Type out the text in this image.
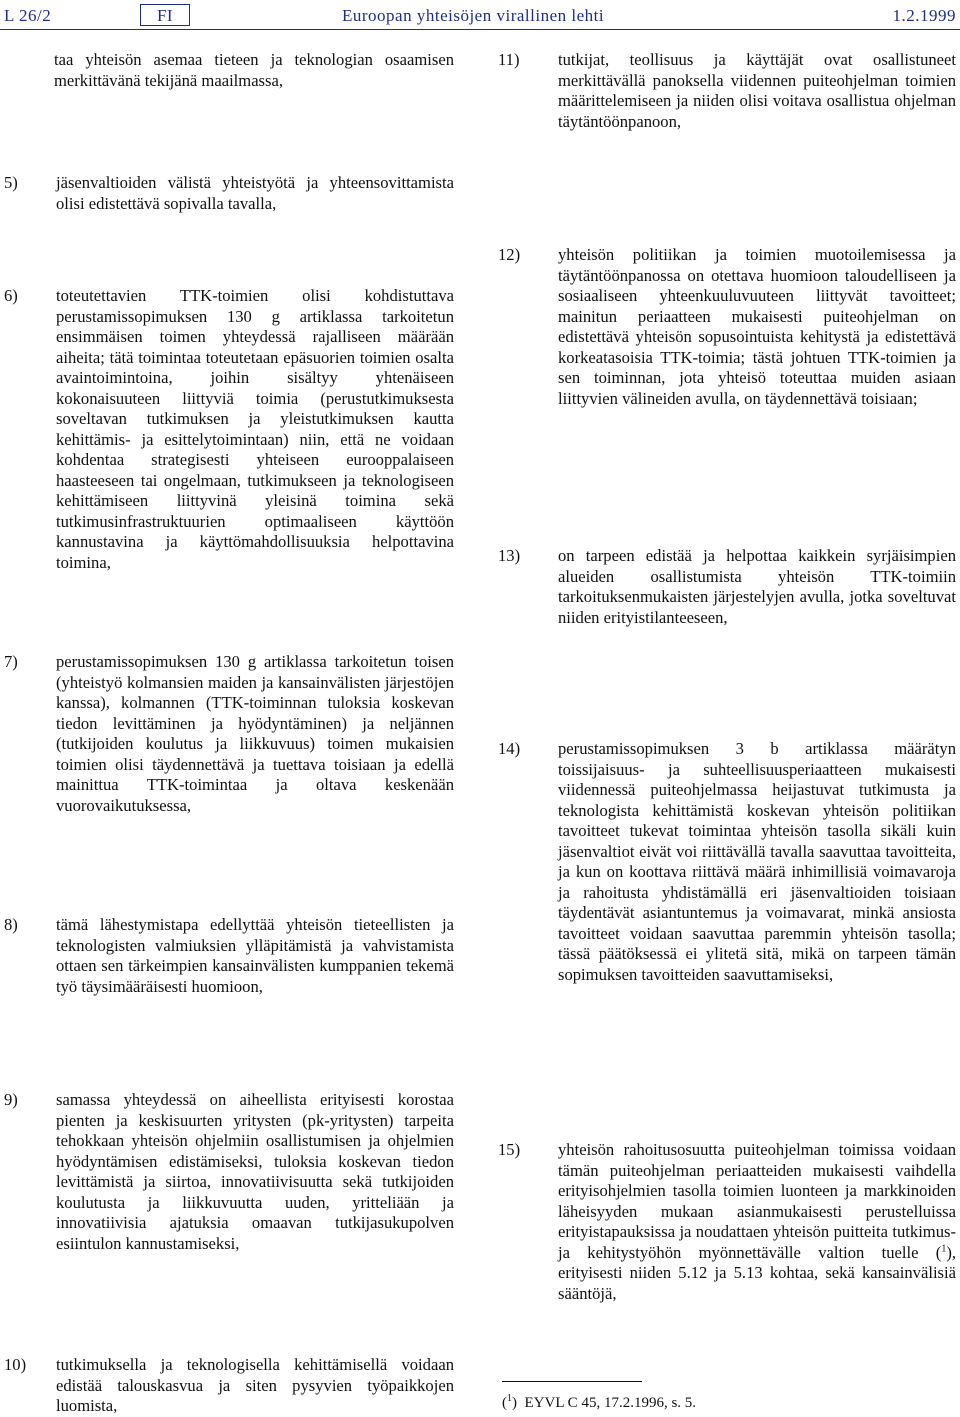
L 26/2	FI	Euroopan yhteisöjen virallinen lehti	1.2.1999
taa yhteisön asemaa tieteen ja teknologian osaamisen merkittävänä tekijänä maailmassa,
5) jäsenvaltioiden välistä yhteistyötä ja yhteensovittamista olisi edistettävä sopivalla tavalla,
6) toteutettavien TTK-toimien olisi kohdistuttava perustamissopimuksen 130 g artiklassa tarkoitetun ensimmäisen toimen yhteydessä rajalliseen määrään aiheita; tätä toimintaa toteutetaan epäsuorien toimien osalta avaintoimintoina, joihin sisältyy yhtenäiseen kokonaisuuteen liittyviä toimia (perustutkimuksesta soveltavan tutkimuksen ja yleistutkimuksen kautta kehittämis- ja esittelytoimintaan) niin, että ne voidaan kohdentaa strategisesti yhteiseen eurooppalaiseen haasteeseen tai ongelmaan, tutkimukseen ja teknologiseen kehittämiseen liittyvinä yleisinä toimina sekä tutkimusinfrastruktuurien optimaaliseen käyttöön kannustavina ja käyttömahdollisuuksia helpottavina toimina,
7) perustamissopimuksen 130 g artiklassa tarkoitetun toisen (yhteistyö kolmansien maiden ja kansainvälisten järjestöjen kanssa), kolmannen (TTK-toiminnan tuloksia koskevan tiedon levittäminen ja hyödyntäminen) ja neljännen (tutkijoiden koulutus ja liikkuvuus) toimen mukaisien toimien olisi täydennettävä ja tuettava toisiaan ja edellä mainittua TTK-toimintaa ja oltava keskenään vuorovaikutuksessa,
8) tämä lähestymistapa edellyttää yhteisön tieteellisten ja teknologisten valmiuksien ylläpitämistä ja vahvistamista ottaen sen tärkeimpien kansainvälisten kumppanien tekemä työ täysimääräisesti huomioon,
9) samassa yhteydessä on aiheellista erityisesti korostaa pienten ja keskisuurten yritysten (pk-yritysten) tarpeita tehokkaan yhteisön ohjelmiin osallistumisen ja ohjelmien hyödyntämisen edistämiseksi, tuloksia koskevan tiedon levittämistä ja siirtoa, innovatiivisuutta sekä tutkijoiden koulutusta ja liikkuvuutta uuden, yritteliään ja innovatiivisia ajatuksia omaavan tutkijasukupolven esiintulon kannustamiseksi,
10) tutkimuksella ja teknologisella kehittämisellä voidaan edistää talouskasvua ja siten pysyvien työpaikkojen luomista,
11) tutkijat, teollisuus ja käyttäjät ovat osallistuneet merkittävällä panoksella viidennen puiteohjelman toimien määrittelemiseen ja niiden olisi voitava osallistua ohjelman täytäntöönpanoon,
12) yhteisön politiikan ja toimien muotoilemisessa ja täytäntöönpanossa on otettava huomioon taloudelliseen ja sosiaaliseen yhteenkuuluvuuteen liittyvät tavoitteet; mainitun periaatteen mukaisesti puiteohjelman on edistettävä yhteisön sopusointuista kehitystä ja edistettävä korkeatasoisia TTK-toimia; tästä johtuen TTK-toimien ja sen toiminnan, jota yhteisö toteuttaa muiden asiaan liittyvien välineiden avulla, on täydennettävä toisiaan;
13) on tarpeen edistää ja helpottaa kaikkein syrjäisimpien alueiden osallistumista yhteisön TTK-toimiin tarkoituksenmukaisten järjestelyjen avulla, jotka soveltuvat niiden erityistilanteeseen,
14) perustamissopimuksen 3 b artiklassa määrätyn toissijaisuus- ja suhteellisuusperiaatteen mukaisesti viidennessä puiteohjelmassa heijastuvat tutkimusta ja teknologista kehittämistä koskevan yhteisön politiikan tavoitteet tukevat toimintaa yhteisön tasolla sikäli kuin jäsenvaltiot eivät voi riittävällä tavalla saavuttaa tavoitteita, ja kun on koottava riittävä määrä inhimillisiä voimavaroja ja rahoitusta yhdistämällä eri jäsenvaltioiden toisiaan täydentävät asiantuntemus ja voimavarat, minkä ansiosta tavoitteet voidaan saavuttaa paremmin yhteisön tasolla; tässä päätöksessä ei ylitetä sitä, mikä on tarpeen tämän sopimuksen tavoitteiden saavuttamiseksi,
15) yhteisön rahoitusosuutta puiteohjelman toimissa voidaan tämän puiteohjelman periaatteiden mukaisesti vaihdella erityisohjelmien tasolla toimien luonteen ja markkinoiden läheisyyden mukaan asianmukaisesti perustelluissa erityistapauksissa ja noudattaen yhteisön puitteita tutkimus- ja kehitystyöhön myönnettävälle valtion tuelle ($^1$), erityisesti niiden 5.12 ja 5.13 kohtaa, sekä kansainvälisiä sääntöjä,
($^1$)  EYVL C 45, 17.2.1996, s. 5.
